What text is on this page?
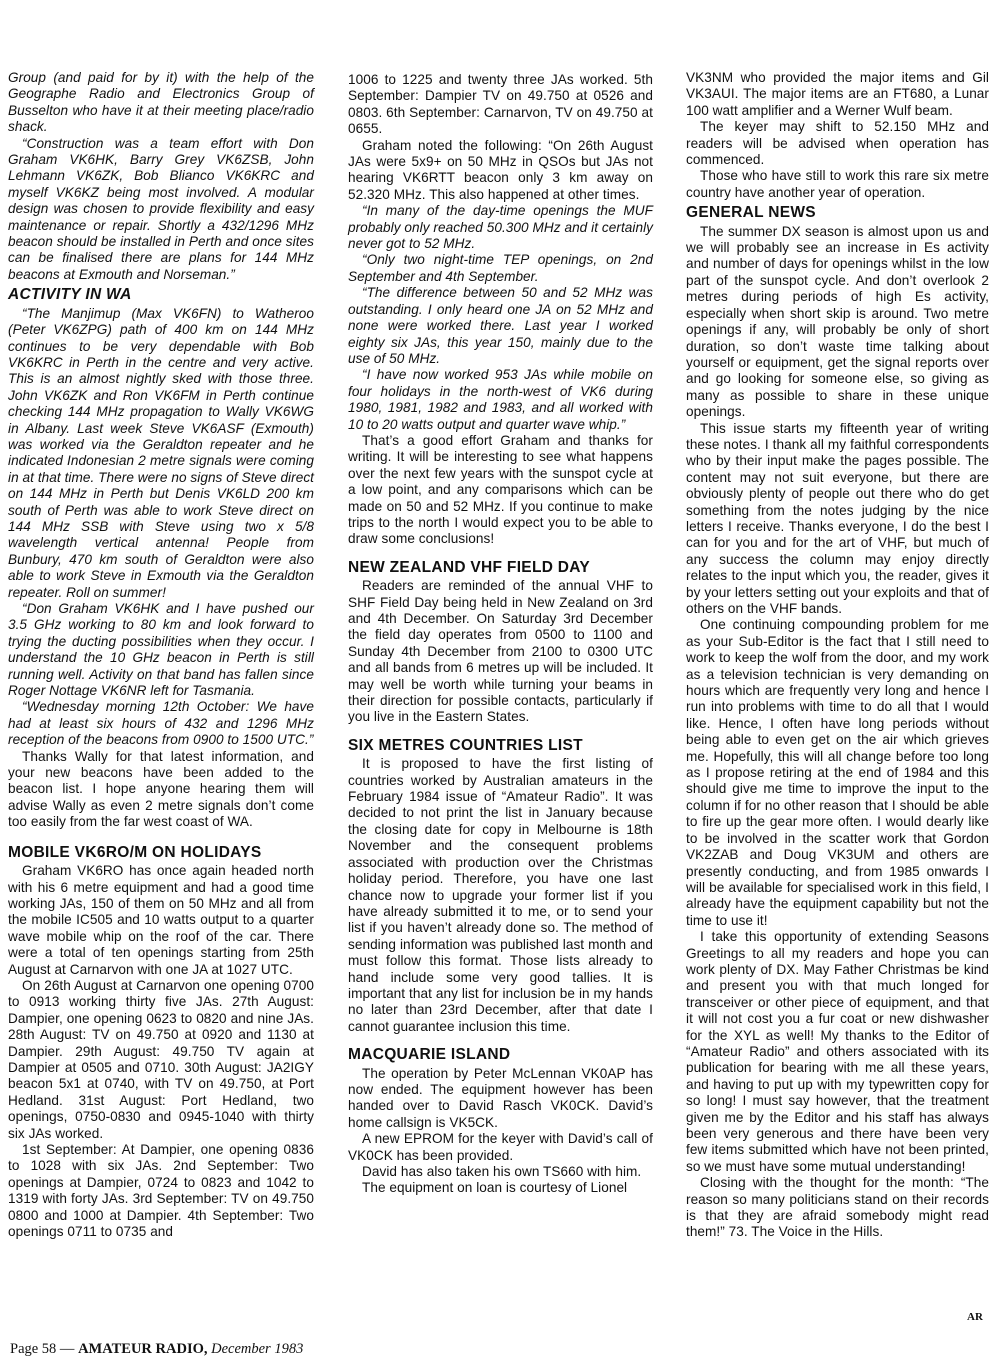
Group (and paid for by it) with the help of the Geographe Radio and Electronics Group of Busselton who have it at their meeting place/radio shack.

“Construction was a team effort with Don Graham VK6HK, Barry Grey VK6ZSB, John Lehmann VK6ZK, Bob Blianco VK6KRC and myself VK6KZ being most involved. A modular design was chosen to provide flexibility and easy maintenance or repair. Shortly a 432/1296 MHz beacon should be installed in Perth and once sites can be finalised there are plans for 144 MHz beacons at Exmouth and Norseman.”

ACTIVITY IN WA

“The Manjimup (Max VK6FN) to Watheroo (Peter VK6ZPG) path of 400 km on 144 MHz continues to be very dependable with Bob VK6KRC in Perth in the centre and very active. This is an almost nightly sked with those three. John VK6ZK and Ron VK6FM in Perth continue checking 144 MHz propagation to Wally VK6WG in Albany. Last week Steve VK6ASF (Exmouth) was worked via the Geraldton repeater and he indicated Indonesian 2 metre signals were coming in at that time. There were no signs of Steve direct on 144 MHz in Perth but Denis VK6LD 200 km south of Perth was able to work Steve direct on 144 MHz SSB with Steve using two x 5/8 wavelength vertical antenna! People from Bunbury, 470 km south of Geraldton were also able to work Steve in Exmouth via the Geraldton repeater. Roll on summer!

“Don Graham VK6HK and I have pushed our 3.5 GHz working to 80 km and look forward to trying the ducting possibilities when they occur. I understand the 10 GHz beacon in Perth is still running well. Activity on that band has fallen since Roger Nottage VK6NR left for Tasmania.

“Wednesday morning 12th October: We have had at least six hours of 432 and 1296 MHz reception of the beacons from 0900 to 1500 UTC.”

Thanks Wally for that latest information, and your new beacons have been added to the beacon list. I hope anyone hearing them will advise Wally as even 2 metre signals don’t come too easily from the far west coast of WA.

MOBILE VK6RO/M ON HOLIDAYS

Graham VK6RO has once again headed north with his 6 metre equipment and had a good time working JAs, 150 of them on 50 MHz and all from the mobile IC505 and 10 watts output to a quarter wave mobile whip on the roof of the car. There were a total of ten openings starting from 25th August at Carnarvon with one JA at 1027 UTC.

On 26th August at Carnarvon one opening 0700 to 0913 working thirty five JAs. 27th August: Dampier, one opening 0623 to 0820 and nine JAs. 28th August: TV on 49.750 at 0920 and 1130 at Dampier. 29th August: 49.750 TV again at Dampier at 0505 and 0710. 30th August: JA2IGY beacon 5x1 at 0740, with TV on 49.750, at Port Hedland. 31st August: Port Hedland, two openings, 0750-0830 and 0945-1040 with thirty six JAs worked.

1st September: At Dampier, one opening 0836 to 1028 with six JAs. 2nd September: Two openings at Dampier, 0724 to 0823 and 1042 to 1319 with forty JAs. 3rd September: TV on 49.750 0800 and 1000 at Dampier. 4th September: Two openings 0711 to 0735 and

1006 to 1225 and twenty three JAs worked. 5th September: Dampier TV on 49.750 at 0526 and 0803. 6th September: Carnarvon, TV on 49.750 at 0655.

Graham noted the following: “On 26th August JAs were 5x9+ on 50 MHz in QSOs but JAs not hearing VK6RTT beacon only 3 km away on 52.320 MHz. This also happened at other times.

“In many of the day-time openings the MUF probably only reached 50.300 MHz and it certainly never got to 52 MHz.

“Only two night-time TEP openings, on 2nd September and 4th September.

“The difference between 50 and 52 MHz was outstanding. I only heard one JA on 52 MHz and none were worked there. Last year I worked eighty six JAs, this year 150, mainly due to the use of 50 MHz.

“I have now worked 953 JAs while mobile on four holidays in the north-west of VK6 during 1980, 1981, 1982 and 1983, and all worked with 10 to 20 watts output and quarter wave whip.”

That’s a good effort Graham and thanks for writing. It will be interesting to see what happens over the next few years with the sunspot cycle at a low point, and any comparisons which can be made on 50 and 52 MHz. If you continue to make trips to the north I would expect you to be able to draw some conclusions!

NEW ZEALAND VHF FIELD DAY

Readers are reminded of the annual VHF to SHF Field Day being held in New Zealand on 3rd and 4th December. On Saturday 3rd December the field day operates from 0500 to 1100 and Sunday 4th December from 2100 to 0300 UTC and all bands from 6 metres up will be included. It may well be worth while turning your beams in their direction for possible contacts, particularly if you live in the Eastern States.

SIX METRES COUNTRIES LIST

It is proposed to have the first listing of countries worked by Australian amateurs in the February 1984 issue of “Amateur Radio”. It was decided to not print the list in January because the closing date for copy in Melbourne is 18th November and the consequent problems associated with production over the Christmas holiday period. Therefore, you have one last chance now to upgrade your former list if you have already submitted it to me, or to send your list if you haven’t already done so. The method of sending information was published last month and must follow this format. Those lists already to hand include some very good tallies. It is important that any list for inclusion be in my hands no later than 23rd December, after that date I cannot guarantee inclusion this time.

MACQUARIE ISLAND

The operation by Peter McLennan VK0AP has now ended. The equipment however has been handed over to David Rasch VK0CK. David’s home callsign is VK5CK.

A new EPROM for the keyer with David’s call of VK0CK has been provided.

David has also taken his own TS660 with him.

The equipment on loan is courtesy of Lionel

VK3NM who provided the major items and Gil VK3AUI. The major items are an FT680, a Lunar 100 watt amplifier and a Werner Wulf beam.

The keyer may shift to 52.150 MHz and readers will be advised when operation has commenced.

Those who have still to work this rare six metre country have another year of operation.

GENERAL NEWS

The summer DX season is almost upon us and we will probably see an increase in Es activity and number of days for openings whilst in the low part of the sunspot cycle. And don’t overlook 2 metres during periods of high Es activity, especially when short skip is around. Two metre openings if any, will probably be only of short duration, so don’t waste time talking about yourself or equipment, get the signal reports over and go looking for someone else, so giving as many as possible to share in these unique openings.

This issue starts my fifteenth year of writing these notes. I thank all my faithful correspondents who by their input make the pages possible. The content may not suit everyone, but there are obviously plenty of people out there who do get something from the notes judging by the nice letters I receive. Thanks everyone, I do the best I can for you and for the art of VHF, but much of any success the column may enjoy directly relates to the input which you, the reader, gives it by your letters setting out your exploits and that of others on the VHF bands.

One continuing compounding problem for me as your Sub-Editor is the fact that I still need to work to keep the wolf from the door, and my work as a television technician is very demanding on hours which are frequently very long and hence I run into problems with time to do all that I would like. Hence, I often have long periods without being able to even get on the air which grieves me. Hopefully, this will all change before too long as I propose retiring at the end of 1984 and this should give me time to improve the input to the column if for no other reason that I should be able to fire up the gear more often. I would dearly like to be involved in the scatter work that Gordon VK2ZAB and Doug VK3UM and others are presently conducting, and from 1985 onwards I will be available for specialised work in this field, I already have the equipment capability but not the time to use it!

I take this opportunity of extending Seasons Greetings to all my readers and hope you can work plenty of DX. May Father Christmas be kind and present you with that much longed for transceiver or other piece of equipment, and that it will not cost you a fur coat or new dishwasher for the XYL as well! My thanks to the Editor of “Amateur Radio” and others associated with its publication for bearing with me all these years, and having to put up with my typewritten copy for so long! I must say however, that the treatment given me by the Editor and his staff has always been very generous and there have been very few items submitted which have not been printed, so we must have some mutual understanding!

Closing with the thought for the month: “The reason so many politicians stand on their records is that they are afraid somebody might read them!” 73. The Voice in the Hills.

AR
Page 58 — AMATEUR RADIO, December 1983
